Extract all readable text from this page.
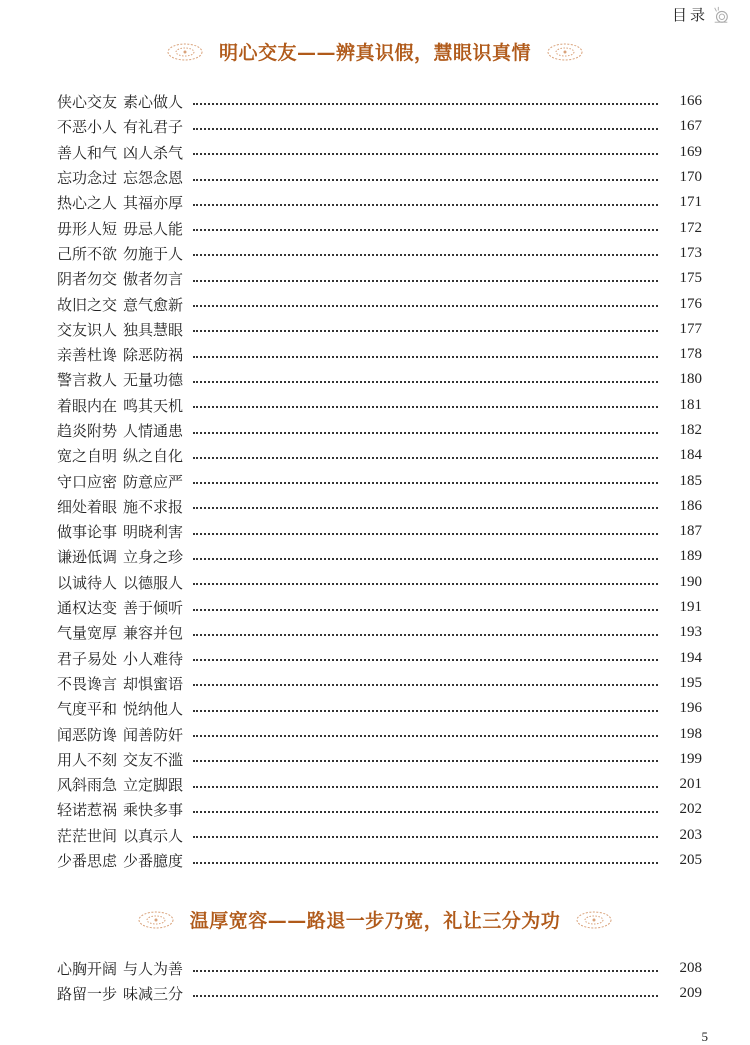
目录
明心交友——辨真识假，慧眼识真情
侠心交友 素心做人	166
不恶小人 有礼君子	167
善人和气 凶人杀气	169
忘功念过 忘怨念恩	170
热心之人 其福亦厚	171
毋形人短 毋忌人能	172
己所不欲 勿施于人	173
阴者勿交 傲者勿言	175
故旧之交 意气愈新	176
交友识人 独具慧眼	177
亲善杜谗 除恶防祸	178
警言救人 无量功德	180
着眼内在 鸣其天机	181
趋炎附势 人情通患	182
宽之自明 纵之自化	184
守口应密 防意应严	185
细处着眼 施不求报	186
做事论事 明晓利害	187
谦逊低调 立身之珍	189
以诚待人 以德服人	190
通权达变 善于倾听	191
气量宽厚 兼容并包	193
君子易处 小人难待	194
不畏谗言 却惧蜜语	195
气度平和 悦纳他人	196
闻恶防谗 闻善防奸	198
用人不刻 交友不滥	199
风斜雨急 立定脚跟	201
轻诺惹祸 乘快多事	202
茫茫世间 以真示人	203
少番思虑 少番臆度	205
温厚宽容——路退一步乃宽，礼让三分为功
心胸开阔 与人为善	208
路留一步 味减三分	209
5
